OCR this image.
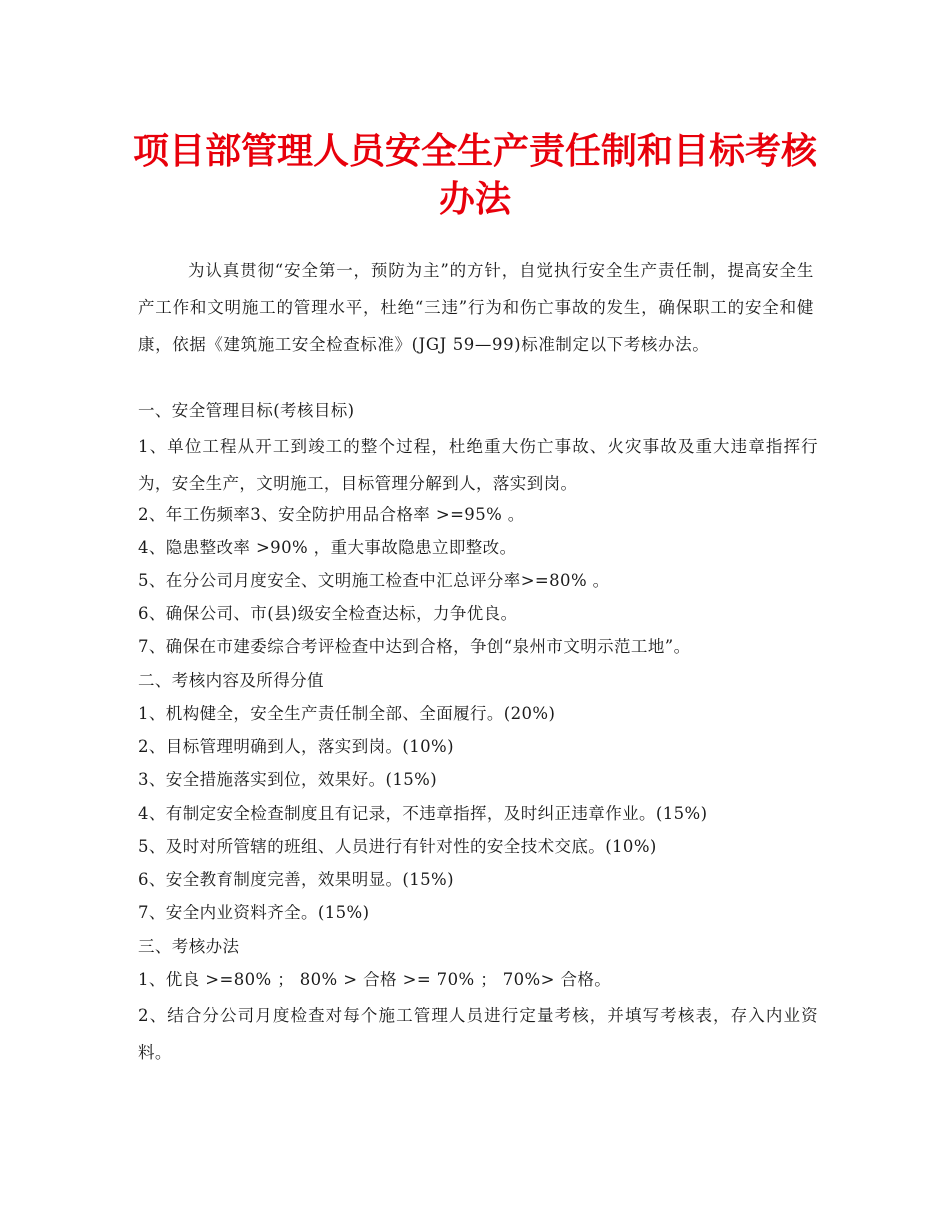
项目部管理人员安全生产责任制和目标考核办法
为认真贯彻“安全第一，预防为主”的方针，自觉执行安全生产责任制，提高安全生产工作和文明施工的管理水平，杜绝“三违”行为和伤亡事故的发生，确保职工的安全和健康，依据《建筑施工安全检查标准》(JGJ 59—99)标准制定以下考核办法。
一、安全管理目标(考核目标)
1、单位工程从开工到竣工的整个过程，杜绝重大伤亡事故、火灾事故及重大违章指挥行为，安全生产，文明施工，目标管理分解到人，落实到岗。
2、年工伤频率3、安全防护用品合格率 >=95% 。
4、隐患整改率 >90% ，重大事故隐患立即整改。
5、在分公司月度安全、文明施工检查中汇总评分率>=80% 。
6、确保公司、市(县)级安全检查达标，力争优良。
7、确保在市建委综合考评检查中达到合格，争创“泉州市文明示范工地”。
二、考核内容及所得分值
1、机构健全，安全生产责任制全部、全面履行。(20%)
2、目标管理明确到人，落实到岗。(10%)
3、安全措施落实到位，效果好。(15%)
4、有制定安全检查制度且有记录，不违章指挥，及时纠正违章作业。(15%)
5、及时对所管辖的班组、人员进行有针对性的安全技术交底。(10%)
6、安全教育制度完善，效果明显。(15%)
7、安全内业资料齐全。(15%)
三、考核办法
1、优良 >=80% ； 80% > 合格 >= 70% ； 70%> 合格。
2、结合分公司月度检查对每个施工管理人员进行定量考核，并填写考核表，存入内业资料。
